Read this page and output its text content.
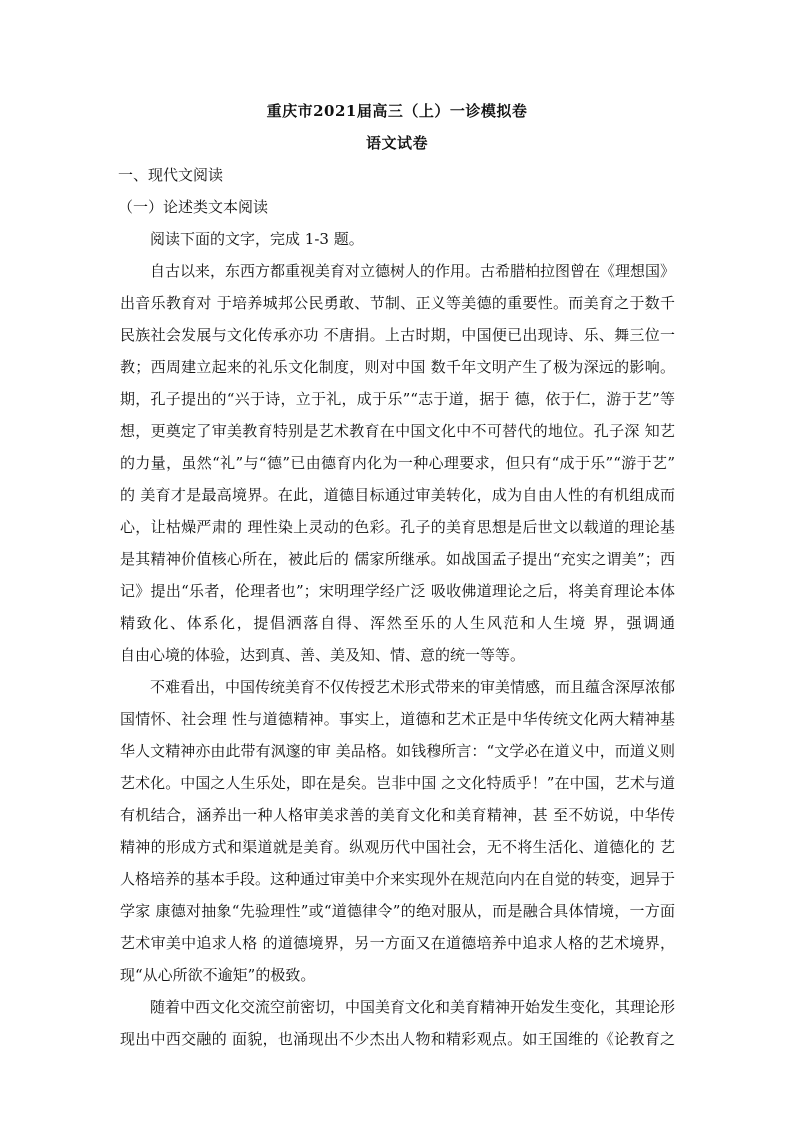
重庆市2021届高三（上）一诊模拟卷
语文试卷
一、现代文阅读
（一）论述类文本阅读
阅读下面的文字，完成 1-3 题。
自古以来，东西方都重视美育对立德树人的作用。古希腊柏拉图曾在《理想国》
出音乐教育对 于培养城邦公民勇敢、节制、正义等美德的重要性。而美育之于数千
民族社会发展与文化传承亦功 不唐捐。上古时期，中国便已出现诗、乐、舞三位一
教；西周建立起来的礼乐文化制度，则对中国 数千年文明产生了极为深远的影响。
期，孔子提出的“兴于诗，立于礼，成于乐”“志于道，据于 德，依于仁，游于艺”等
想，更奠定了审美教育特别是艺术教育在中国文化中不可替代的地位。孔子深 知艺
的力量，虽然“礼”与“德”已由德育内化为一种心理要求，但只有“成于乐”“游于艺”
的 美育才是最高境界。在此，道德目标通过审美转化，成为自由人性的有机组成而
心，让枯燥严肃的 理性染上灵动的色彩。孔子的美育思想是后世文以载道的理论基
是其精神价值核心所在，被此后的 儒家所继承。如战国孟子提出“充实之谓美”；西
记》提出“乐者，伦理者也”；宋明理学经广泛 吸收佛道理论之后，将美育理论本体
精致化、体系化，提倡洒落自得、浑然至乐的人生风范和人生境 界，强调通
自由心境的体验，达到真、善、美及知、情、意的统一等等。
不难看出，中国传统美育不仅传授艺术形式带来的审美情感，而且蕴含深厚浓郁
国情怀、社会理 性与道德精神。事实上，道德和艺术正是中华传统文化两大精神基
华人文精神亦由此带有沨邃的审 美品格。如钱穆所言：“文学必在道义中，而道义则
艺术化。中国之人生乐处，即在是矣。岂非中国 之文化特质乎！”在中国，艺术与道
有机结合，涵养出一种人格审美求善的美育文化和美育精神，甚 至不妨说，中华传
精神的形成方式和渠道就是美育。纵观历代中国社会，无不将生活化、道德化的 艺
人格培养的基本手段。这种通过审美中介来实现外在规范向内在自觉的转变，迥异于
学家 康德对抽象“先验理性”或“道德律令”的绝对服从，而是融合具体情境，一方面
艺术审美中追求人格 的道德境界，另一方面又在道德培养中追求人格的艺术境界，
现“从心所欲不逾矩”的极致。
随着中西文化交流空前密切，中国美育文化和美育精神开始发生变化，其理论形
现出中西交融的 面貌，也涌现出不少杰出人物和精彩观点。如王国维的《论教育之
